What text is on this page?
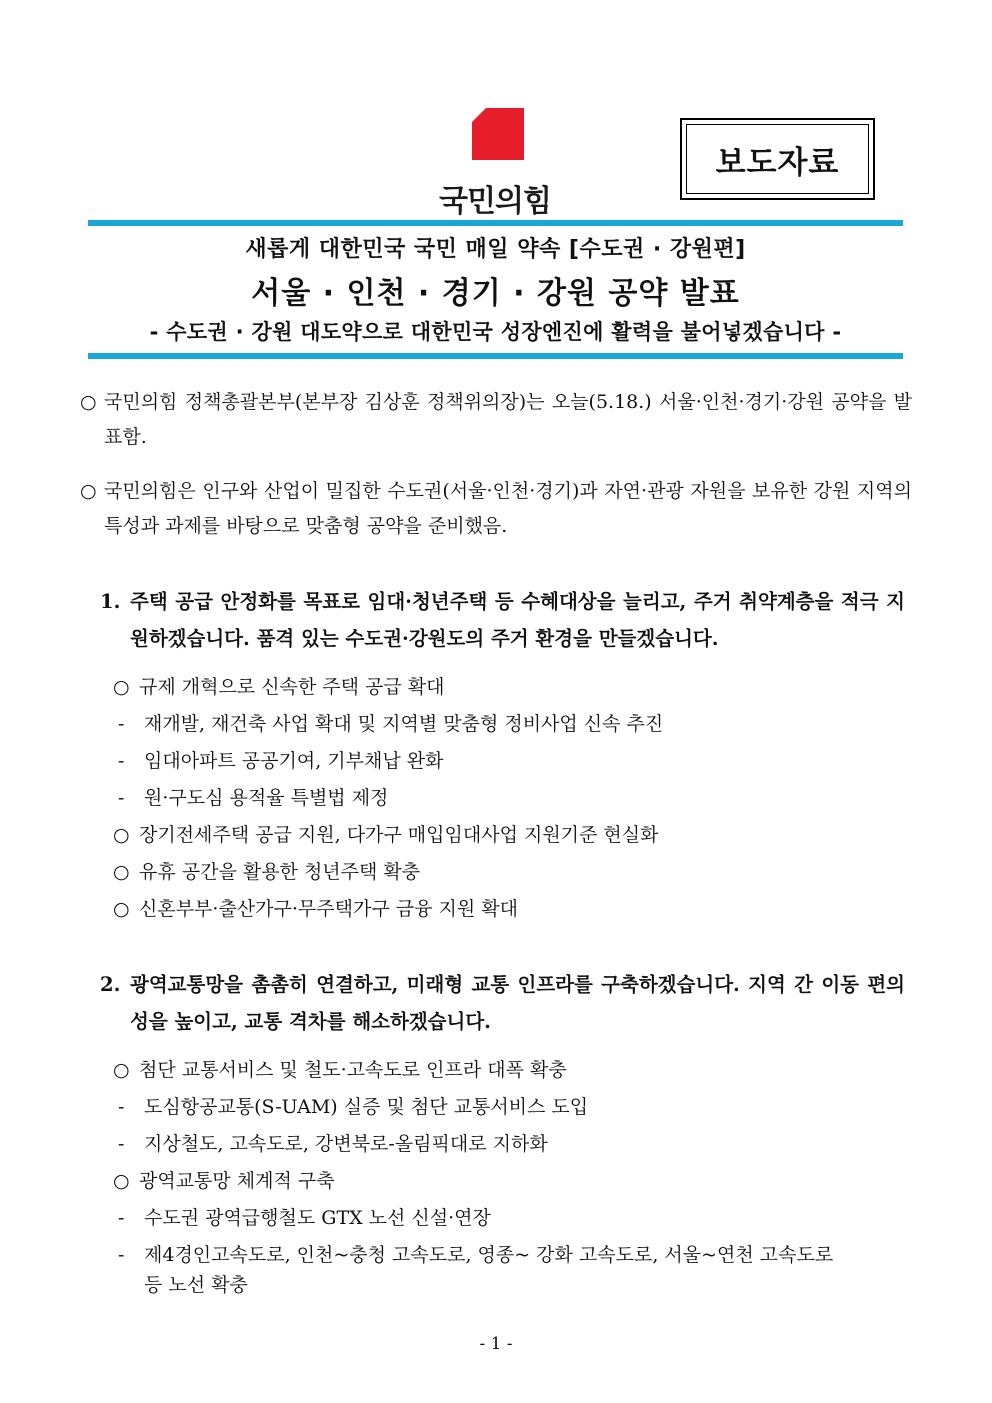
국민의힘
보도자료
새롭게 대한민국 국민 매일 약속 [수도권 · 강원편]
서울 · 인천 · 경기 · 강원 공약 발표
- 수도권 · 강원 대도약으로 대한민국 성장엔진에 활력을 불어넣겠습니다 -
○ 국민의힘 정책총괄본부(본부장 김상훈 정책위의장)는 오늘(5.18.) 서울·인천·경기·강원 공약을 발표함.
○ 국민의힘은 인구와 산업이 밀집한 수도권(서울·인천·경기)과 자연·관광 자원을 보유한 강원 지역의 특성과 과제를 바탕으로 맞춤형 공약을 준비했음.
1. 주택 공급 안정화를 목표로 임대·청년주택 등 수혜대상을 늘리고, 주거 취약계층을 적극 지원하겠습니다. 품격 있는 수도권·강원도의 주거 환경을 만들겠습니다.
○ 규제 개혁으로 신속한 주택 공급 확대
- 재개발, 재건축 사업 확대 및 지역별 맞춤형 정비사업 신속 추진
- 임대아파트 공공기여, 기부채납 완화
- 원·구도심 용적율 특별법 제정
○ 장기전세주택 공급 지원, 다가구 매입임대사업 지원기준 현실화
○ 유휴 공간을 활용한 청년주택 확충
○ 신혼부부·출산가구·무주택가구 금융 지원 확대
2. 광역교통망을 촘촘히 연결하고, 미래형 교통 인프라를 구축하겠습니다. 지역 간 이동 편의성을 높이고, 교통 격차를 해소하겠습니다.
○ 첨단 교통서비스 및 철도·고속도로 인프라 대폭 확충
- 도심항공교통(S-UAM) 실증 및 첨단 교통서비스 도입
- 지상철도, 고속도로, 강변북로-올림픽대로 지하화
○ 광역교통망 체계적 구축
- 수도권 광역급행철도 GTX 노선 신설·연장
- 제4경인고속도로, 인천~충청 고속도로, 영종~ 강화 고속도로, 서울~연천 고속도로
등 노선 확충
- 1 -
